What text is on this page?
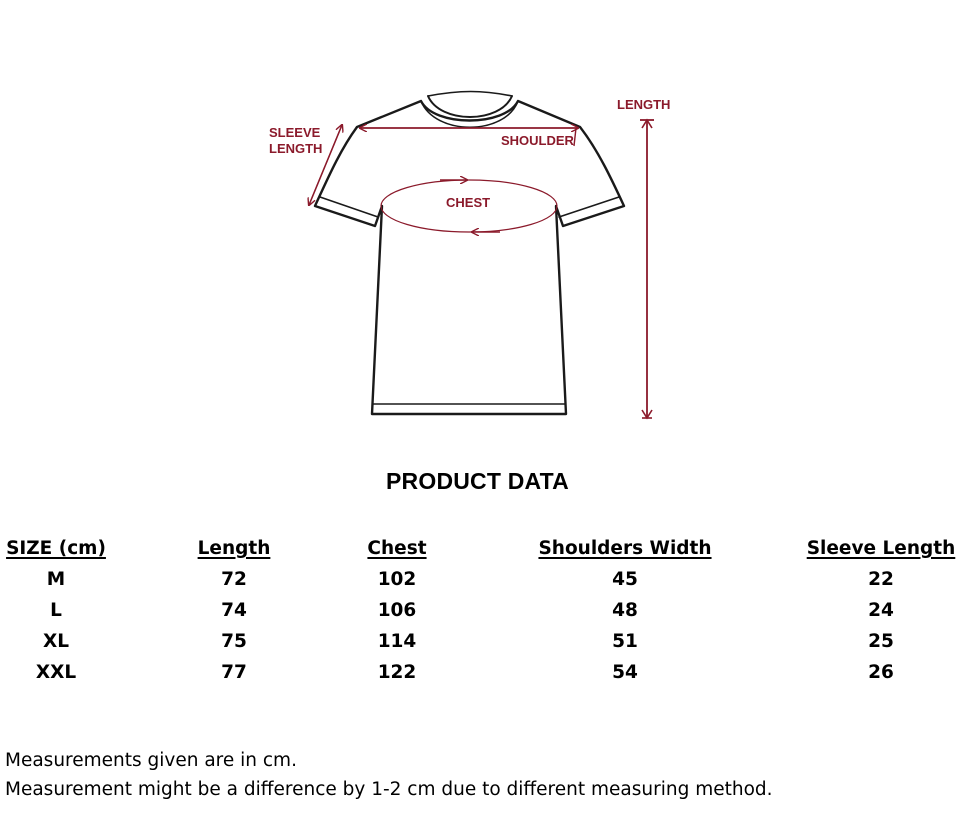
SLEEVE
LENGTH
SHOULDER
CHEST
LENGTH
PRODUCT DATA
SIZE (cm)	Length	Chest	Shoulders Width	Sleeve Length
M	72	102	45	22
L	74	106	48	24
XL	75	114	51	25
XXL	77	122	54	26
Measurements given are in cm.
Measurement might be a difference by 1-2 cm due to different measuring method.
